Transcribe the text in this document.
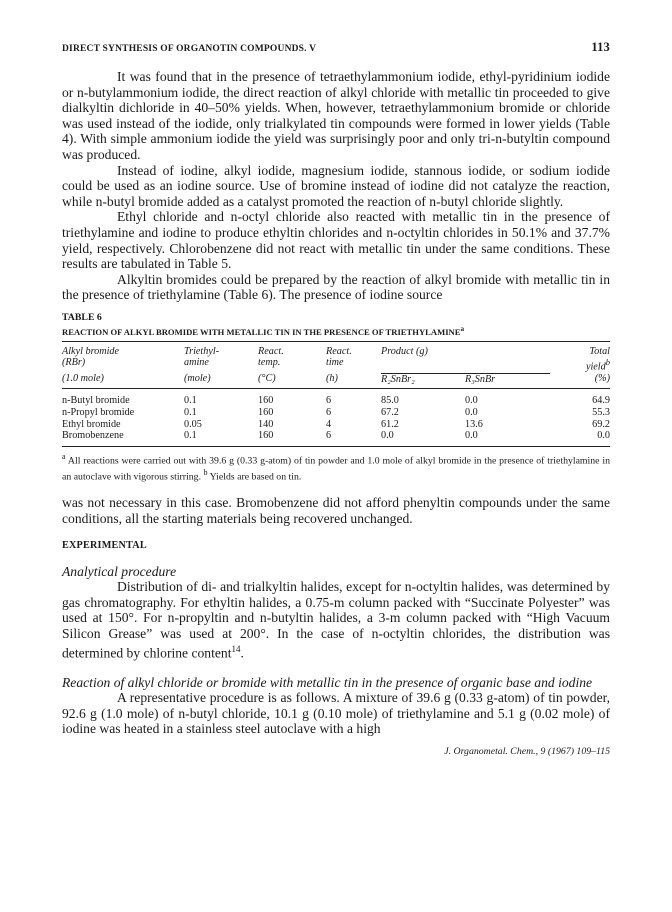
DIRECT SYNTHESIS OF ORGANOTIN COMPOUNDS. V	113

It was found that in the presence of tetraethylammonium iodide, ethyl-pyridinium iodide or n-butylammonium iodide, the direct reaction of alkyl chloride with metallic tin proceeded to give dialkyltin dichloride in 40–50% yields. When, however, tetraethylammonium bromide or chloride was used instead of the iodide, only trialkylated tin compounds were formed in lower yields (Table 4). With simple ammonium iodide the yield was surprisingly poor and only tri-n-butyltin compound was produced.

Instead of iodine, alkyl iodide, magnesium iodide, stannous iodide, or sodium iodide could be used as an iodine source. Use of bromine instead of iodine did not catalyze the reaction, while n-butyl bromide added as a catalyst promoted the reaction of n-butyl chloride slightly.

Ethyl chloride and n-octyl chloride also reacted with metallic tin in the presence of triethylamine and iodine to produce ethyltin chlorides and n-octyltin chlorides in 50.1% and 37.7% yield, respectively. Chlorobenzene did not react with metallic tin under the same conditions. These results are tabulated in Table 5.

Alkyltin bromides could be prepared by the reaction of alkyl bromide with metallic tin in the presence of triethylamine (Table 6). The presence of iodine source

TABLE 6
REACTION OF ALKYL BROMIDE WITH METALLIC TIN IN THE PRESENCE OF TRIETHYLAMINE$^a$
Alkyl bromide	Triethyl-	React.	React.	Product (g)		Total
(RBr)	amine	temp.	time			yield$^b$
(1.0 mole)	(mole)	(°C)	(h)	R₂SnBr₂	R₃SnBr	(%)
n-Butyl bromide	0.1	160	6	85.0	0.0	64.9
n-Propyl bromide	0.1	160	6	67.2	0.0	55.3
Ethyl bromide	0.05	140	4	61.2	13.6	69.2
Bromobenzene	0.1	160	6	0.0	0.0	0.0
$^a$ All reactions were carried out with 39.6 g (0.33 g-atom) of tin powder and 1.0 mole of alkyl bromide in the presence of triethylamine in an autoclave with vigorous stirring. $^b$ Yields are based on tin.

was not necessary in this case. Bromobenzene did not afford phenyltin compounds under the same conditions, all the starting materials being recovered unchanged.

EXPERIMENTAL

Analytical procedure

Distribution of di- and trialkyltin halides, except for n-octyltin halides, was determined by gas chromatography. For ethyltin halides, a 0.75-m column packed with “Succinate Polyester” was used at 150°. For n-propyltin and n-butyltin halides, a 3-m column packed with “High Vacuum Silicon Grease” was used at 200°. In the case of n-octyltin chlorides, the distribution was determined by chlorine content$^{14}$.

Reaction of alkyl chloride or bromide with metallic tin in the presence of organic base and iodine

A representative procedure is as follows. A mixture of 39.6 g (0.33 g-atom) of tin powder, 92.6 g (1.0 mole) of n-butyl chloride, 10.1 g (0.10 mole) of triethylamine and 5.1 g (0.02 mole) of iodine was heated in a stainless steel autoclave with a high

J. Organometal. Chem., 9 (1967) 109–115
